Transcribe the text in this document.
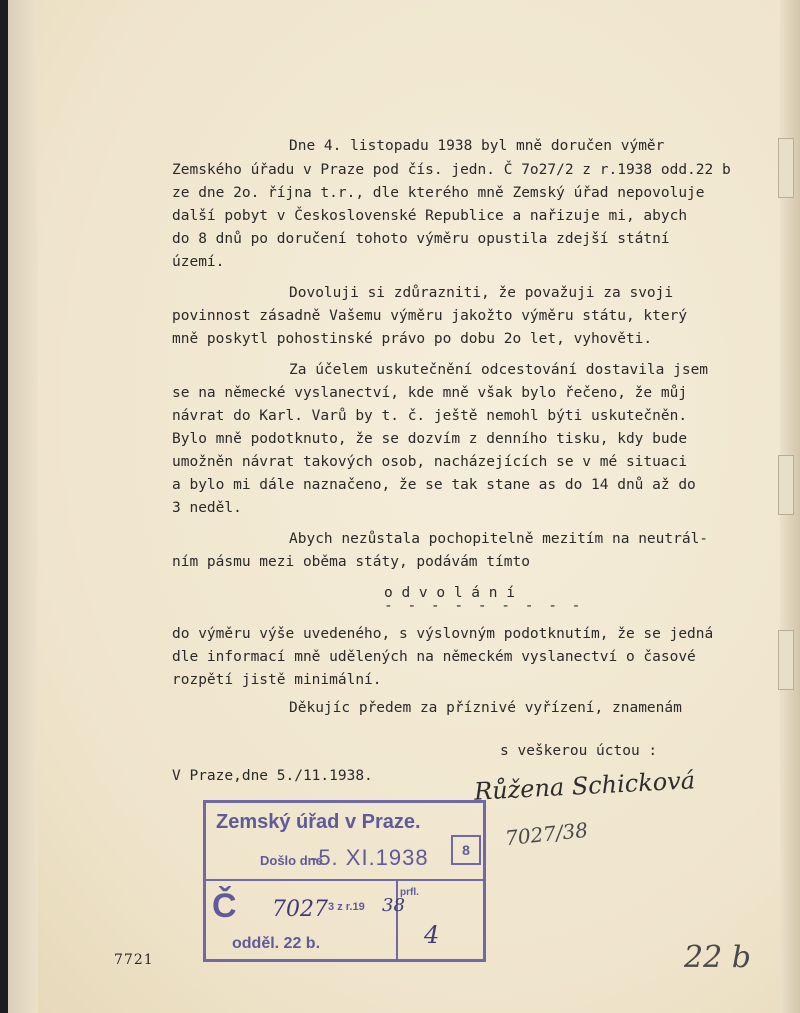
Dne 4. listopadu 1938 byl mně doručen výměr
Zemského úřadu v Praze pod čís. jedn. Č 7o27/2 z r.1938 odd.22 b
ze dne 2o. října t.r., dle kterého mně Zemský úřad nepovoluje
další pobyt v Československé Republice a nařizuje mi, abych
do 8 dnů po doručení tohoto výměru opustila zdejší státní
území.
Dovoluji si zdůrazniti, že považuji za svoji
povinnost zásadně Vašemu výměru jakožto výměru státu, který
mně poskytl pohostinské právo po dobu 2o let, vyhověti.
Za účelem uskutečnění odcestování dostavila jsem
se na německé vyslanectví, kde mně však bylo řečeno, že můj
návrat do Karl. Varů by t. č. ještě nemohl býti uskutečněn.
Bylo mně podotknuto, že se dozvím z denního tisku, kdy bude
umožněn návrat takových osob, nacházejících se v mé situaci
a bylo mi dále naznačeno, že se tak stane as do 14 dnů až do
3 neděl.
Abych nezůstala pochopitelně mezitím na neutrál-
ním pásmu mezi oběma státy, podávám tímto
o d v o l á n í
- - - - - - - - -
do výměru výše uvedeného, s výslovným podotknutím, že se jedná
dle informací mně udělených na německém vyslanectví o časové
rozpětí jistě minimální.
Děkujíc předem za příznivé vyřízení, znamenám
s veškerou úctou :
V Praze,dne 5./11.1938.	Růžena Schicková
7027/38
Zemský úřad v Praze.
Došlo dne
-5. XI.1938	8
Č 7027 3 z r.19 38
prfl.
4
odděl. 22 b.
7721	22 b
